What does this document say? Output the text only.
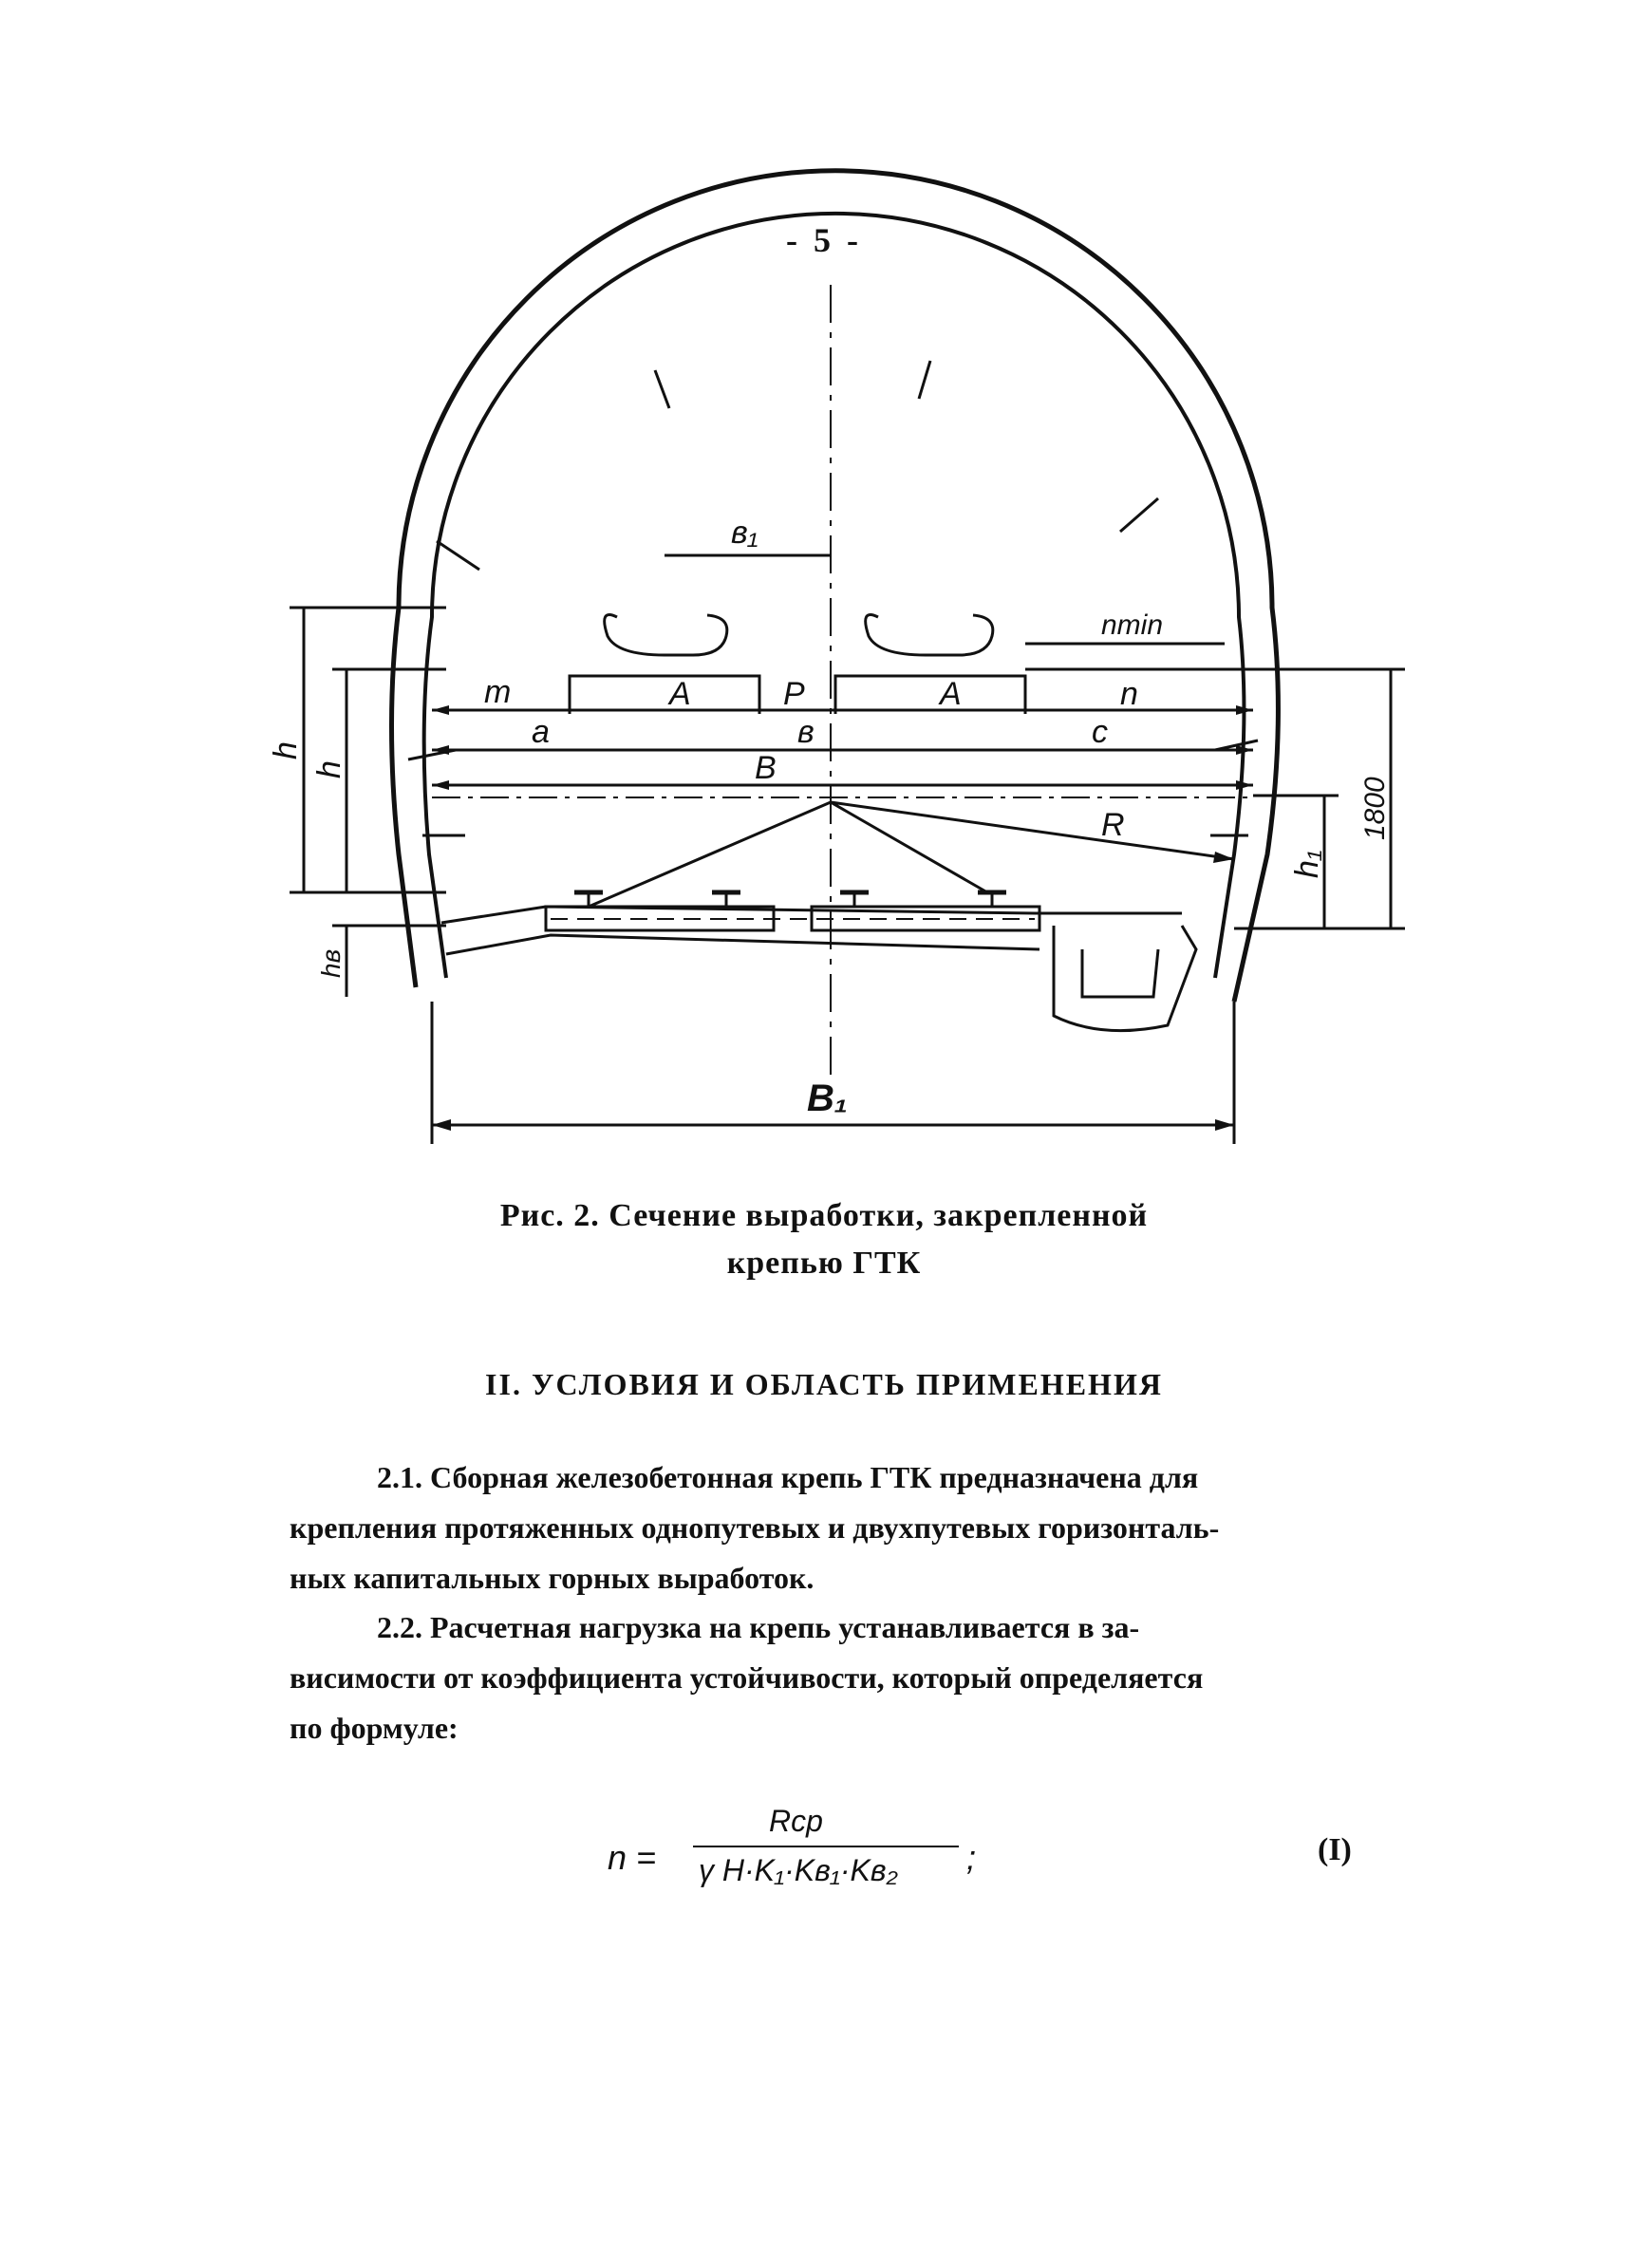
- 5 -
в₁
nmin
m	A	P	A	n
a	в	c
B
R
h
h
hв
h₁
1800
B₁
Рис. 2. Сечение выработки, закрепленной
крепью ГТК
II. УСЛОВИЯ И ОБЛАСТЬ ПРИМЕНЕНИЯ
2.1. Сборная железобетонная крепь ГТК предназначена для
крепления протяженных однопутевых и двухпутевых горизонталь-
ных капитальных горных выработок.
2.2. Расчетная нагрузка на крепь устанавливается в за-
висимости от коэффициента устойчивости, который определяется
по формуле:
n =
Rср
γ H·K₁·Kв₁·Kв₂ ;	(I)
